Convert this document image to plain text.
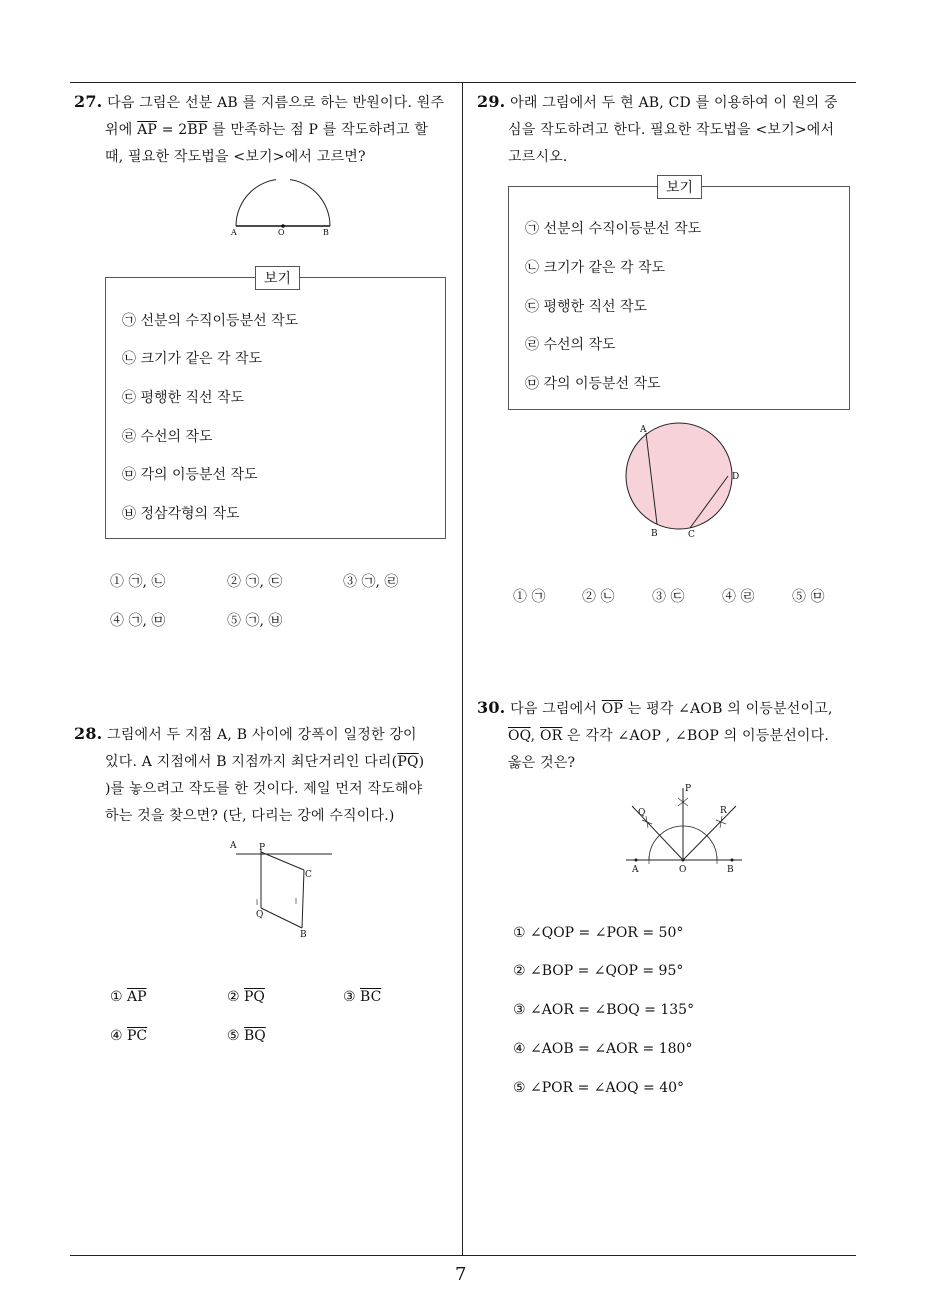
7
27. 다음 그림은 선분 AB 를 지름으로 하는 반원이다. 원주
위에 $\overline{AP} = 2\overline{BP}$ 를 만족하는 점 P 를 작도하려고 할
때, 필요한 작도법을 <보기>에서 고르면?
A	O	B
보기
㉠ 선분의 수직이등분선 작도
㉡ 크기가 같은 각 작도
㉢ 평행한 직선 작도
㉣ 수선의 작도
㉤ 각의 이등분선 작도
㉥ 정삼각형의 작도
① ㉠, ㉡	② ㉠, ㉢	③ ㉠, ㉣
④ ㉠, ㉤	⑤ ㉠, ㉥
28. 그림에서 두 지점 A, B 사이에 강폭이 일정한 강이
있다. A 지점에서 B 지점까지 최단거리인 다리$(\overline{PQ})$
)를 놓으려고 작도를 한 것이다. 제일 먼저 작도해야
하는 것을 찾으면? (단, 다리는 강에 수직이다.)
A	P
C
Q
B
① $\overline{AP}$	② $\overline{PQ}$	③ $\overline{BC}$
④ $\overline{PC}$	⑤ $\overline{BQ}$
29. 아래 그림에서 두 현 AB, CD 를 이용하여 이 원의 중
심을 작도하려고 한다. 필요한 작도법을 <보기>에서
고르시오.
보기
㉠ 선분의 수직이등분선 작도
㉡ 크기가 같은 각 작도
㉢ 평행한 직선 작도
㉣ 수선의 작도
㉤ 각의 이등분선 작도
A
B	C
D
① ㉠	② ㉡	③ ㉢	④ ㉣	⑤ ㉤
30. 다음 그림에서 $\overline{OP}$ 는 평각 ∠AOB 의 이등분선이고,
$\overline{OQ}$, $\overline{OR}$ 은 각각 ∠AOP , ∠BOP 의 이등분선이다.
옳은 것은?
P
Q	R
A	O	B
① ∠QOP = ∠POR = 50°
② ∠BOP = ∠QOP = 95°
③ ∠AOR = ∠BOQ = 135°
④ ∠AOB = ∠AOR = 180°
⑤ ∠POR = ∠AOQ = 40°
